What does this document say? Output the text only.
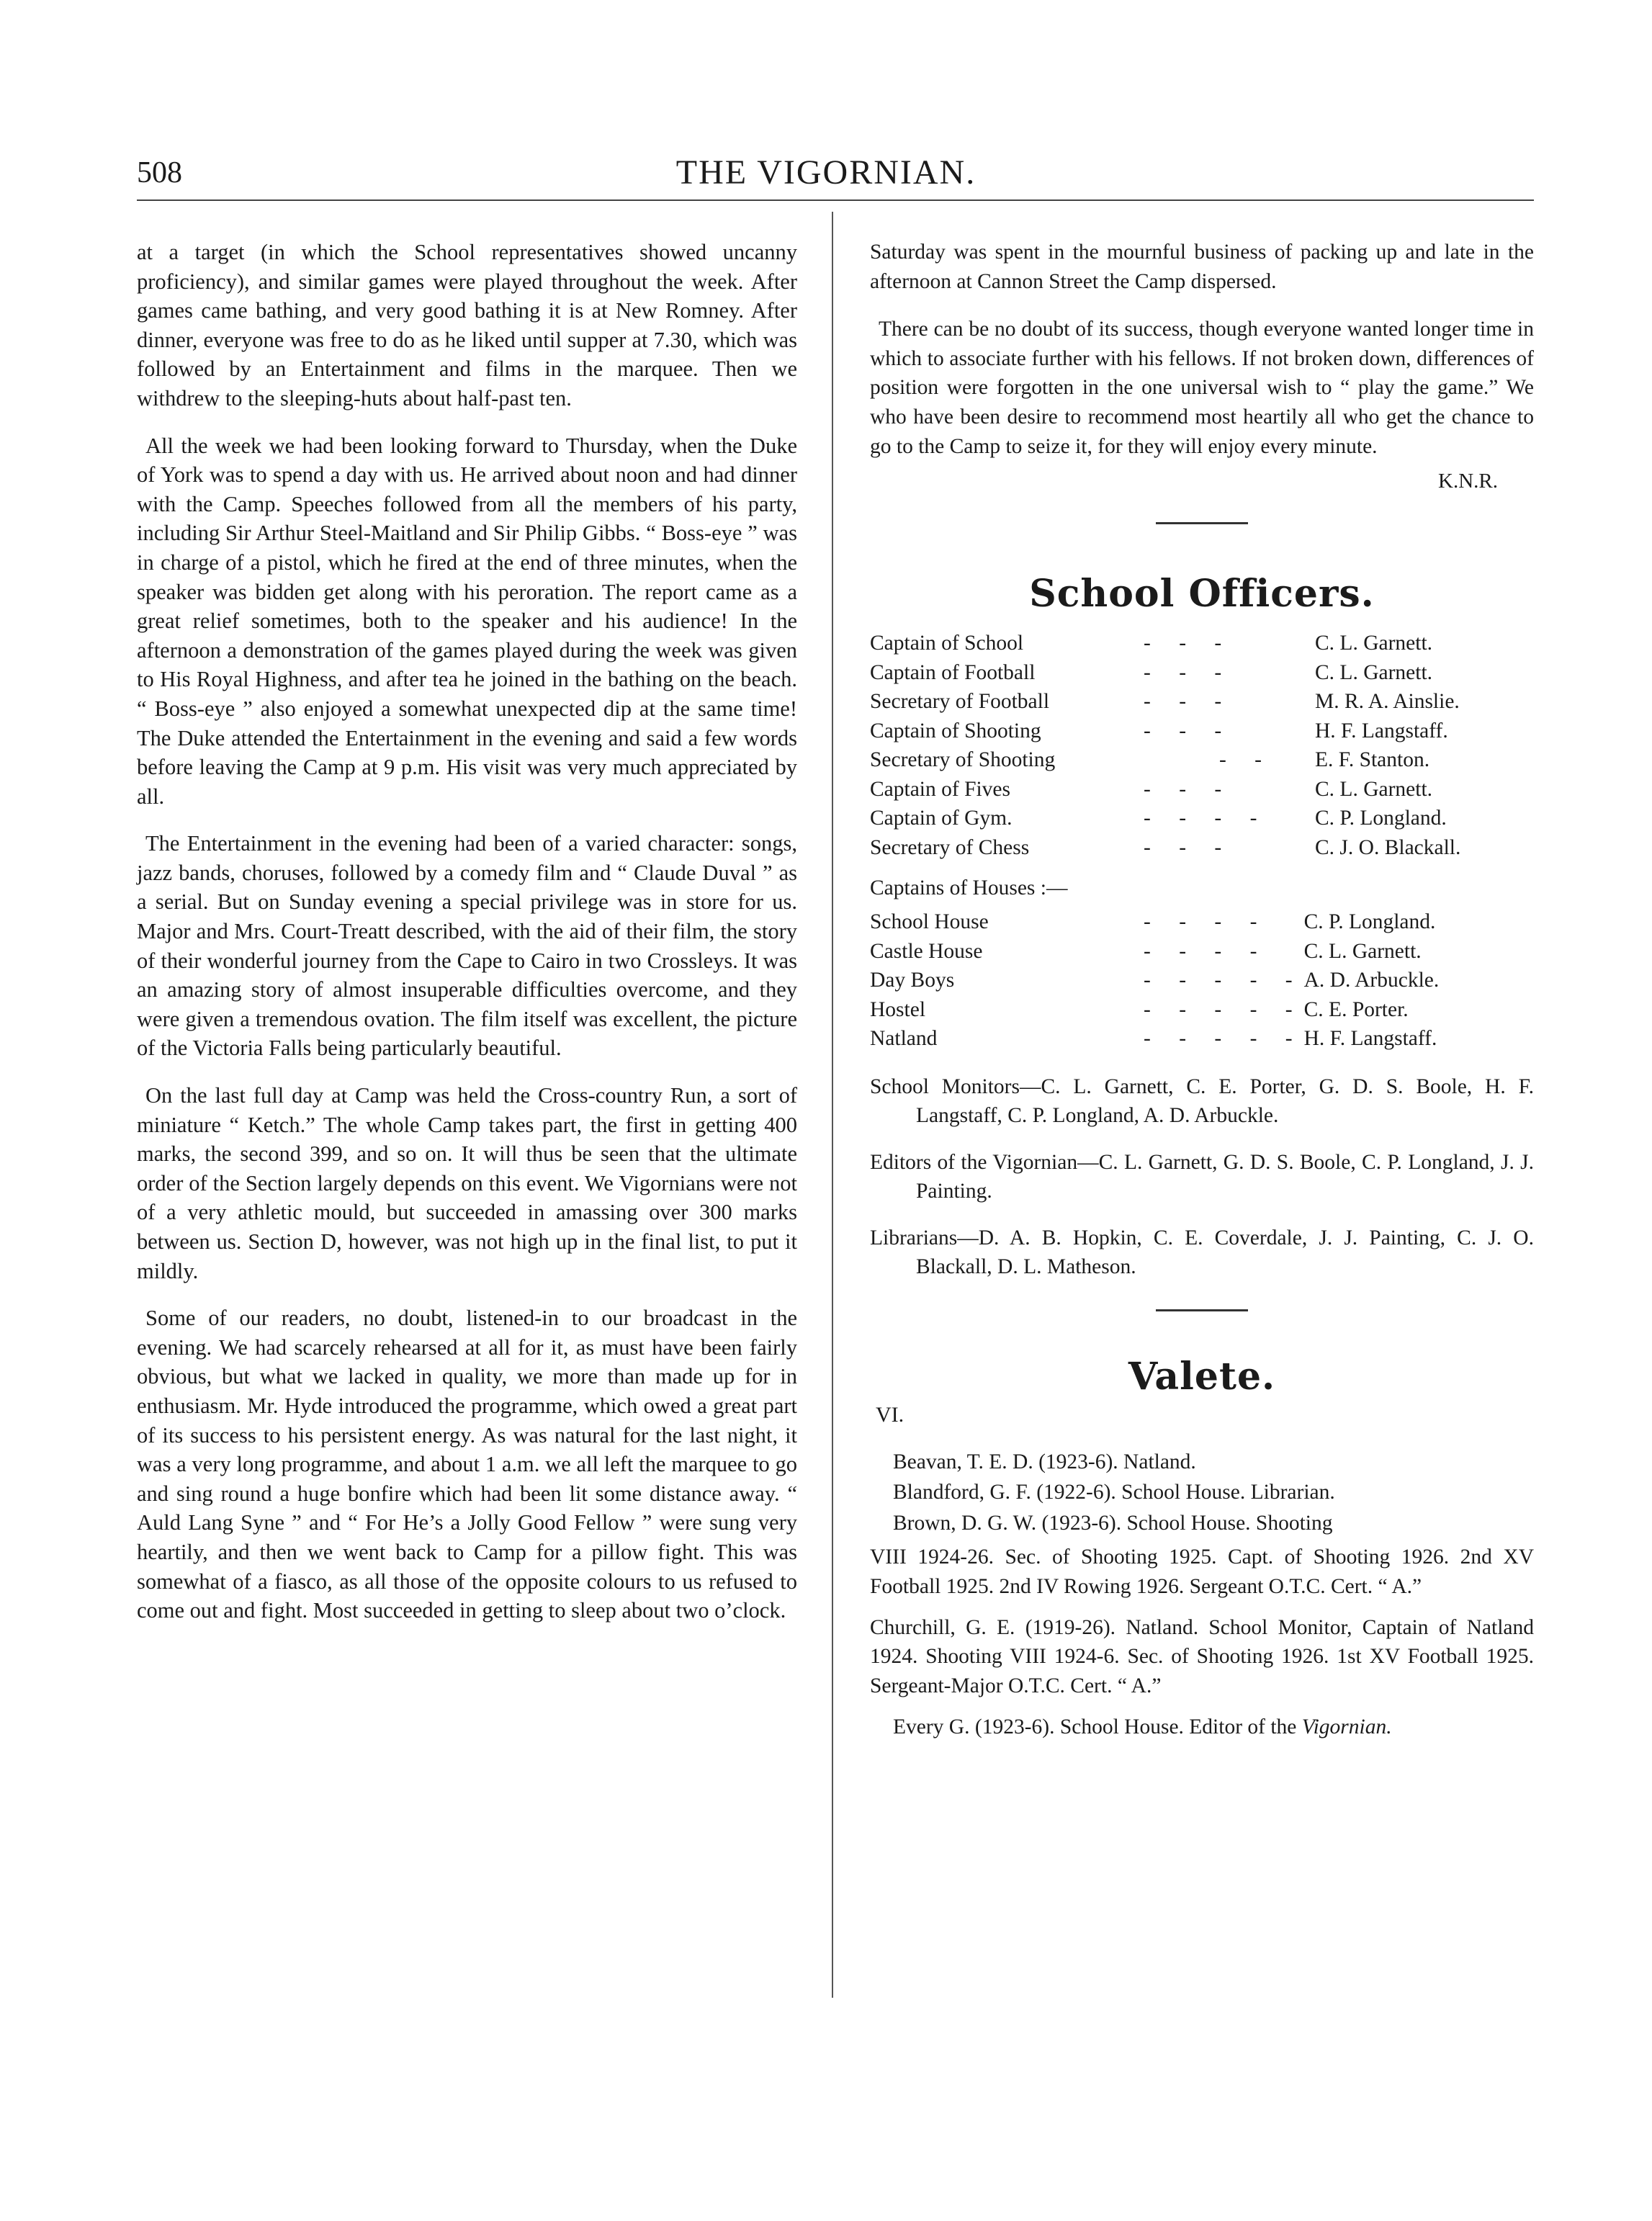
508	THE VIGORNIAN.

at a target (in which the School representatives showed uncanny proficiency), and similar games were played throughout the week. After games came bathing, and very good bathing it is at New Romney. After dinner, everyone was free to do as he liked until supper at 7.30, which was followed by an Entertainment and films in the marquee. Then we withdrew to the sleeping-huts about half-past ten.

All the week we had been looking forward to Thursday, when the Duke of York was to spend a day with us. He arrived about noon and had dinner with the Camp. Speeches followed from all the members of his party, including Sir Arthur Steel-Maitland and Sir Philip Gibbs. “ Boss-eye ” was in charge of a pistol, which he fired at the end of three minutes, when the speaker was bidden get along with his peroration. The report came as a great relief sometimes, both to the speaker and his audience! In the afternoon a demonstration of the games played during the week was given to His Royal Highness, and after tea he joined in the bathing on the beach. “ Boss-eye ” also enjoyed a somewhat unexpected dip at the same time! The Duke attended the Entertainment in the evening and said a few words before leaving the Camp at 9 p.m. His visit was very much appreciated by all.

The Entertainment in the evening had been of a varied character: songs, jazz bands, choruses, followed by a comedy film and “ Claude Duval ” as a serial. But on Sunday evening a special privilege was in store for us. Major and Mrs. Court-Treatt described, with the aid of their film, the story of their wonderful journey from the Cape to Cairo in two Crossleys. It was an amazing story of almost insuperable difficulties overcome, and they were given a tremendous ovation. The film itself was excellent, the picture of the Victoria Falls being particularly beautiful.

On the last full day at Camp was held the Cross-country Run, a sort of miniature “ Ketch.” The whole Camp takes part, the first in getting 400 marks, the second 399, and so on. It will thus be seen that the ultimate order of the Section largely depends on this event. We Vigornians were not of a very athletic mould, but succeeded in amassing over 300 marks between us. Section D, however, was not high up in the final list, to put it mildly.

Some of our readers, no doubt, listened-in to our broadcast in the evening. We had scarcely rehearsed at all for it, as must have been fairly obvious, but what we lacked in quality, we more than made up for in enthusiasm. Mr. Hyde introduced the programme, which owed a great part of its success to his persistent energy. As was natural for the last night, it was a very long programme, and about 1 a.m. we all left the marquee to go and sing round a huge bonfire which had been lit some distance away. “ Auld Lang Syne ” and “ For He’s a Jolly Good Fellow ” were sung very heartily, and then we went back to Camp for a pillow fight. This was somewhat of a fiasco, as all those of the opposite colours to us refused to come out and fight. Most succeeded in getting to sleep about two o’clock.

Saturday was spent in the mournful business of packing up and late in the afternoon at Cannon Street the Camp dispersed.

There can be no doubt of its success, though everyone wanted longer time in which to associate further with his fellows. If not broken down, differences of position were forgotten in the one universal wish to “ play the game.” We who have been desire to recommend most heartily all who get the chance to go to the Camp to seize it, for they will enjoy every minute.

K.N.R.
School Officers.
Captain of School	- - -	C. L. Garnett.
Captain of Football	- - -	C. L. Garnett.
Secretary of Football	- - -	M. R. A. Ainslie.
Captain of Shooting	- - -	H. F. Langstaff.
Secretary of Shooting	- -	E. F. Stanton.
Captain of Fives	- - -	C. L. Garnett.
Captain of Gym.	- - - -	C. P. Longland.
Secretary of Chess	- - -	C. J. O. Blackall.
Captains of Houses :—
School House	- - - -	C. P. Longland.
Castle House	- - - -	C. L. Garnett.
Day Boys	- - - - -	A. D. Arbuckle.
Hostel	- - - - -	C. E. Porter.
Natland	- - - - -	H. F. Langstaff.

School Monitors—C. L. Garnett, C. E. Porter, G. D. S. Boole, H. F. Langstaff, C. P. Longland, A. D. Arbuckle.

Editors of the Vigornian—C. L. Garnett, G. D. S. Boole, C. P. Longland, J. J. Painting.

Librarians—D. A. B. Hopkin, C. E. Coverdale, J. J. Painting, C. J. O. Blackall, D. L. Matheson.

Valete.
VI.

Beavan, T. E. D. (1923-6). Natland.

Blandford, G. F. (1922-6). School House. Librarian.

Brown, D. G. W. (1923-6). School House. Shooting

VIII 1924-26. Sec. of Shooting 1925. Capt. of Shooting 1926. 2nd XV Football 1925. 2nd IV Rowing 1926. Sergeant O.T.C. Cert. “ A.”

Churchill, G. E. (1919-26). Natland. School Monitor, Captain of Natland 1924. Shooting VIII 1924-6. Sec. of Shooting 1926. 1st XV Football 1925. Sergeant-Major O.T.C. Cert. “ A.”

Every G. (1923-6). School House. Editor of the Vigornian.
